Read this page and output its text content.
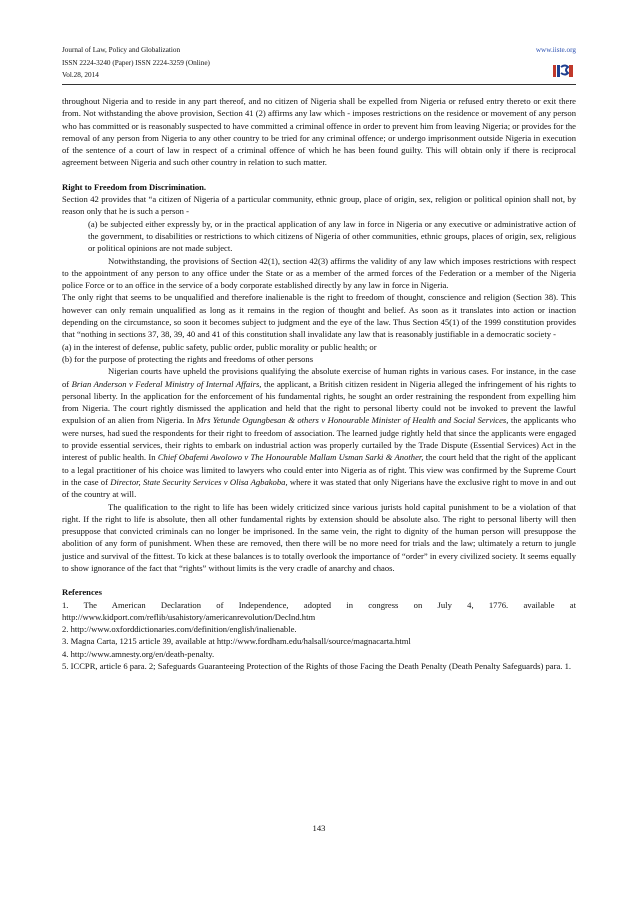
Journal of Law, Policy and Globalization
ISSN 2224-3240 (Paper) ISSN 2224-3259 (Online)
Vol.28, 2014
www.iiste.org

throughout Nigeria and to reside in any part thereof, and no citizen of Nigeria shall be expelled from Nigeria or refused entry thereto or exit there from. Not withstanding the above provision, Section 41 (2) affirms any law which - imposes restrictions on the residence or movement of any person who has committed or is reasonably suspected to have committed a criminal offence in order to prevent him from leaving Nigeria; or provides for the removal of any person from Nigeria to any other country to be tried for any criminal offence; or undergo imprisonment outside Nigeria in execution of the sentence of a court of law in respect of a criminal offence of which he has been found guilty. This will obtain only if there is reciprocal agreement between Nigeria and such other country in relation to such matter.

Right to Freedom from Discrimination.

Section 42 provides that “a citizen of Nigeria of a particular community, ethnic group, place of origin, sex, religion or political opinion shall not, by reason only that he is such a person -

(a) be subjected either expressly by, or in the practical application of any law in force in Nigeria or any executive or administrative action of the government, to disabilities or restrictions to which citizens of Nigeria of other communities, ethnic groups, places of origin, sex, religious or political opinions are not made subject.

Notwithstanding, the provisions of Section 42(1), section 42(3) affirms the validity of any law which imposes restrictions with respect to the appointment of any person to any office under the State or as a member of the armed forces of the Federation or a member of the Nigeria police Force or to an office in the service of a body corporate established directly by any law in force in Nigeria.

The only right that seems to be unqualified and therefore inalienable is the right to freedom of thought, conscience and religion (Section 38). This however can only remain unqualified as long as it remains in the region of thought and belief. As soon as it translates into action or inaction depending on the circumstance, so soon it becomes subject to judgment and the eye of the law. Thus Section 45(1) of the 1999 constitution provides that “nothing in sections 37, 38, 39, 40 and 41 of this constitution shall invalidate any law that is reasonably justifiable in a democratic society -

(a) in the interest of defense, public safety, public order, public morality or public health; or

(b) for the purpose of protecting the rights and freedoms of other persons

Nigerian courts have upheld the provisions qualifying the absolute exercise of human rights in various cases. For instance, in the case of Brian Anderson v Federal Ministry of Internal Affairs, the applicant, a British citizen resident in Nigeria alleged the infringement of his rights to personal liberty. In the application for the enforcement of his fundamental rights, he sought an order restraining the respondent from expelling him from Nigeria. The court rightly dismissed the application and held that the right to personal liberty could not be invoked to prevent the lawful expulsion of an alien from Nigeria. In Mrs Yetunde Ogungbesan & others v Honourable Minister of Health and Social Services, the applicants who were nurses, had sued the respondents for their right to freedom of association. The learned judge rightly held that since the applicants were engaged to provide essential services, their rights to embark on industrial action was properly curtailed by the Trade Dispute (Essential Services) Act in the interest of public health. In Chief Obafemi Awolowo v The Honourable Mallam Usman Sarki & Another, the court held that the right of the applicant to a legal practitioner of his choice was limited to lawyers who could enter into Nigeria as of right. This view was confirmed by the Supreme Court in the case of Director, State Security Services v Olisa Agbakoba, where it was stated that only Nigerians have the exclusive right to move in and out of the country at will.

The qualification to the right to life has been widely criticized since various jurists hold capital punishment to be a violation of that right. If the right to life is absolute, then all other fundamental rights by extension should be absolute also. The right to personal liberty will then presuppose that convicted criminals can no longer be imprisoned. In the same vein, the right to dignity of the human person will presuppose the abolition of any form of punishment. When these are removed, then there will be no more need for trials and the law; ultimately a return to jungle justice and survival of the fittest. To kick at these balances is to totally overlook the importance of “order” in every civilized society. It seems equally to show ignorance of the fact that “rights” without limits is the very cradle of anarchy and chaos.

References

1. The American Declaration of Independence, adopted in congress on July 4, 1776. available at http://www.kidport.com/reflib/usahistory/americanrevolution/Declnd.htm

2. http://www.oxforddictionaries.com/definition/english/inalienable.

3. Magna Carta, 1215 article 39, available at http://www.fordham.edu/halsall/source/magnacarta.html

4. http://www.amnesty.org/en/death-penalty.

5. ICCPR, article 6 para. 2; Safeguards Guaranteeing Protection of the Rights of those Facing the Death Penalty (Death Penalty Safeguards) para. 1.

143
